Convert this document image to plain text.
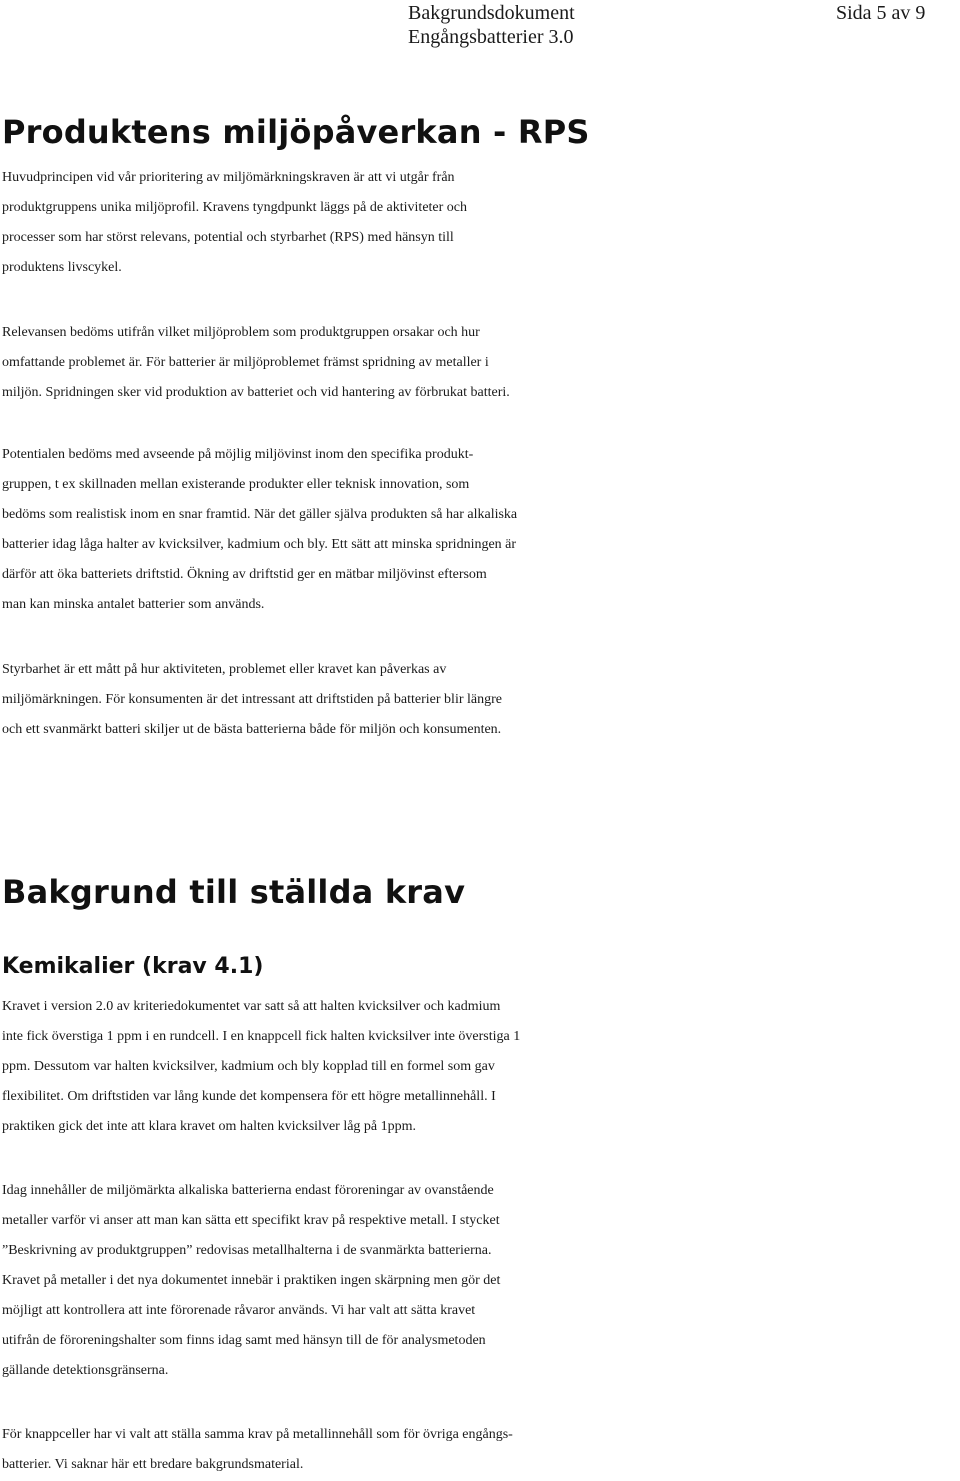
Bakgrundsdokument
Engångsbatterier 3.0
Sida 5 av 9
Produktens miljöpåverkan - RPS
Huvudprincipen vid vår prioritering av miljömärkningskraven är att vi utgår från
produktgruppens unika miljöprofil. Kravens tyngdpunkt läggs på de aktiviteter och
processer som har störst relevans, potential och styrbarhet (RPS) med hänsyn till
produktens livscykel.
Relevansen bedöms utifrån vilket miljöproblem som produktgruppen orsakar och hur
omfattande problemet är. För batterier är miljöproblemet främst spridning av metaller i
miljön. Spridningen sker vid produktion av batteriet och vid hantering av förbrukat batteri.
Potentialen bedöms med avseende på möjlig miljövinst inom den specifika produkt-
gruppen, t ex skillnaden mellan existerande produkter eller teknisk innovation, som
bedöms som realistisk inom en snar framtid. När det gäller själva produkten så har alkaliska
batterier idag låga halter av kvicksilver, kadmium och bly. Ett sätt att minska spridningen är
därför att öka batteriets driftstid. Ökning av driftstid ger en mätbar miljövinst eftersom
man kan minska antalet batterier som används.
Styrbarhet är ett mått på hur aktiviteten, problemet eller kravet kan påverkas av
miljömärkningen. För konsumenten är det intressant att driftstiden på batterier blir längre
och ett svanmärkt batteri skiljer ut de bästa batterierna både för miljön och konsumenten.
Bakgrund till ställda krav
Kemikalier (krav 4.1)
Kravet i version 2.0 av kriteriedokumentet var satt så att halten kvicksilver och kadmium
inte fick överstiga 1 ppm i en rundcell. I en knappcell fick halten kvicksilver inte överstiga 1
ppm. Dessutom var halten kvicksilver, kadmium och bly kopplad till en formel som gav
flexibilitet. Om driftstiden var lång kunde det kompensera för ett högre metallinnehåll. I
praktiken gick det inte att klara kravet om halten kvicksilver låg på 1ppm.
Idag innehåller de miljömärkta alkaliska batterierna endast föroreningar av ovanstående
metaller varför vi anser att man kan sätta ett specifikt krav på respektive metall. I stycket
”Beskrivning av produktgruppen” redovisas metallhalterna i de svanmärkta batterierna.
Kravet på metaller i det nya dokumentet innebär i praktiken ingen skärpning men gör det
möjligt att kontrollera att inte förorenade råvaror används. Vi har valt att sätta kravet
utifrån de föroreningshalter som finns idag samt med hänsyn till de för analysmetoden
gällande detektionsgränserna.
För knappceller har vi valt att ställa samma krav på metallinnehåll som för övriga engångs-
batterier. Vi saknar här ett bredare bakgrundsmaterial.
